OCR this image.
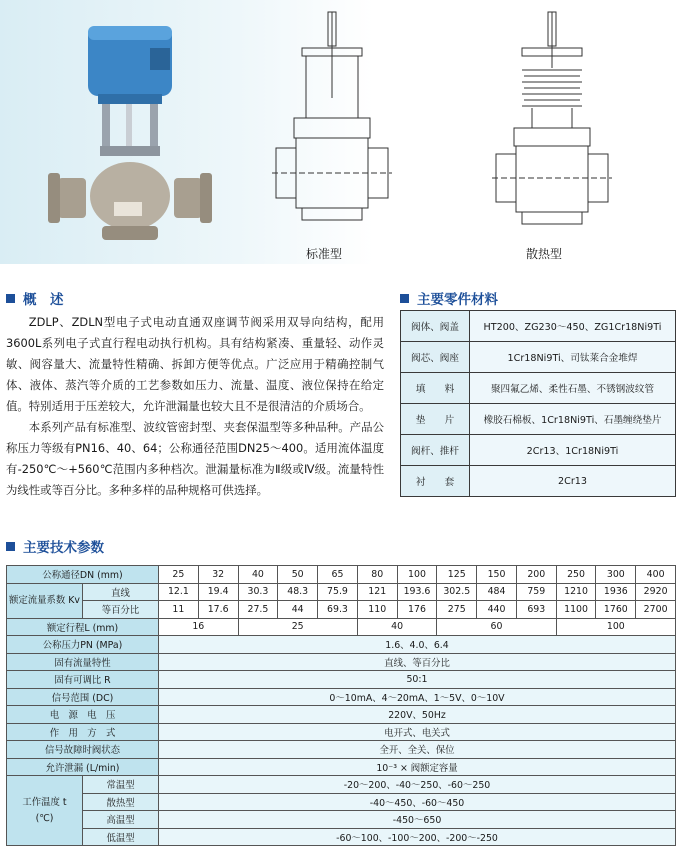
标准型	散热型
概　述

ZDLP、ZDLN型电子式电动直通双座调节阀采用双导向结构，配用3600L系列电子式直行程电动执行机构。具有结构紧凑、重量轻、动作灵敏、阀容量大、流量特性精确、拆卸方便等优点。广泛应用于精确控制气体、液体、蒸汽等介质的工艺参数如压力、流量、温度、液位保持在给定值。特别适用于压差较大，允许泄漏量也较大且不是很清洁的介质场合。

本系列产品有标准型、波纹管密封型、夹套保温型等多种品种。产品公称压力等级有PN16、40、64；公称通径范围DN25～400。适用流体温度有-250℃～+560℃范围内多种档次。泄漏量标准为Ⅱ级或Ⅳ级。流量特性为线性或等百分比。多种多样的品种规格可供选择。

主要零件材料
阀体、阀盖	HT200、ZG230～450、ZG1Cr18Ni9Ti
阀芯、阀座	1Cr18Ni9Ti、司钛莱合金堆焊
填　　料	聚四氟乙烯、柔性石墨、不锈钢波纹管
垫　　片	橡胶石棉板、1Cr18Ni9Ti、石墨缠绕垫片
阀杆、推杆	2Cr13、1Cr18Ni9Ti
衬　　套	2Cr13
主要技术参数
公称通径DN (mm)		25	32	40	50	65	80	100	125	150	200	250	300	400
额定流量系数 Kv	直线	12.1	19.4	30.3	48.3	75.9	121	193.6	302.5	484	759	1210	1936	2920
	等百分比	11	17.6	27.5	44	69.3	110	176	275	440	693	1100	1760	2700
额定行程L (mm)		16		25			40		60			100		
公称压力PN (MPa)		1.6、4.0、6.4												
固有流量特性		直线、等百分比												
固有可调比 R		50:1												
信号范围 (DC)		0～10mA、4～20mA、1～5V、0～10V												
电　源　电　压		220V、50Hz												
作　用　方　式		电开式、电关式												
信号故障时阀状态		全开、全关、保位												
允许泄漏 (L/min)		10⁻³ × 阀额定容量												
工作温度 t
(℃)	常温型	-20～200、-40～250、-60～250												
	散热型	-40～450、-60～450												
	高温型	-450～650												
	低温型	-60～100、-100～200、-200～-250												
